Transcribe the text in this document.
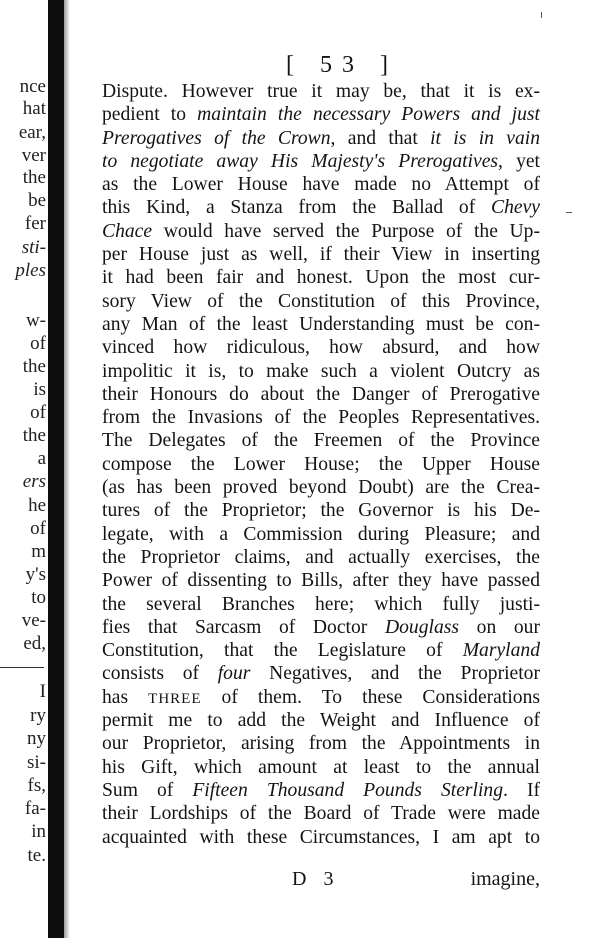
nce
hat
ear,
ver
the
be
fer
sti-
ples
w-
of
the
is
of
the
a
ers
he
of
m
y's
to
ve-
ed,
I
ry
ny
si-
fs,
fa-
in
te.
[ 53 ]
Dispute. However true it may be, that it is ex-
pedient to maintain the necessary Powers and just
Prerogatives of the Crown, and that it is in vain
to negotiate away His Majesty's Prerogatives, yet
as the Lower House have made no Attempt of
this Kind, a Stanza from the Ballad of Chevy
Chace would have served the Purpose of the Up-
per House just as well, if their View in inserting
it had been fair and honest. Upon the most cur-
sory View of the Constitution of this Province,
any Man of the least Understanding must be con-
vinced how ridiculous, how absurd, and how
impolitic it is, to make such a violent Outcry as
their Honours do about the Danger of Prerogative
from the Invasions of the Peoples Representatives.
The Delegates of the Freemen of the Province
compose the Lower House; the Upper House
(as has been proved beyond Doubt) are the Crea-
tures of the Proprietor; the Governor is his De-
legate, with a Commission during Pleasure; and
the Proprietor claims, and actually exercises, the
Power of dissenting to Bills, after they have passed
the several Branches here; which fully justi-
fies that Sarcasm of Doctor Douglass on our
Constitution, that the Legislature of Maryland
consists of four Negatives, and the Proprietor
has THREE of them. To these Considerations
permit me to add the Weight and Influence of
our Proprietor, arising from the Appointments in
his Gift, which amount at least to the annual
Sum of Fifteen Thousand Pounds Sterling. If
their Lordships of the Board of Trade were made
acquainted with these Circumstances, I am apt to
D 3	imagine,
